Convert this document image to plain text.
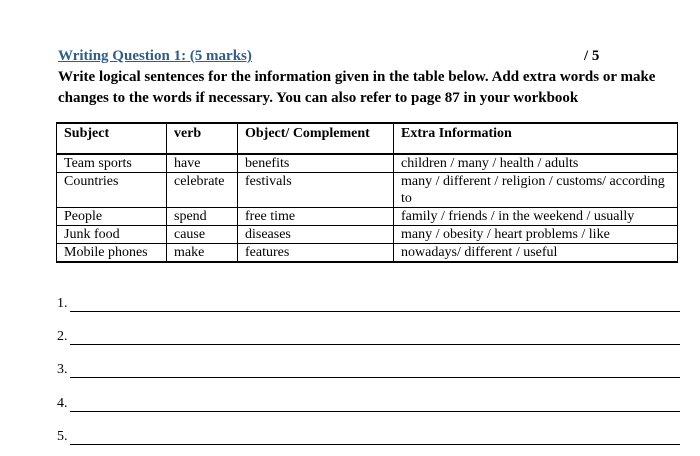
Writing Question 1: (5 marks)	/ 5
Write logical sentences for the information given in the table below. Add extra words or make changes to the words if necessary. You can also refer to page 87 in your workbook
Subject	verb	Object/ Complement	Extra Information
Team sports	have	benefits	children / many / health / adults
Countries	celebrate	festivals	many / different / religion / customs/ according to
People	spend	free time	family / friends / in the weekend / usually
Junk food	cause	diseases	many / obesity / heart problems / like
Mobile phones	make	features	nowadays/ different / useful
1.
2.
3.
4.
5.
